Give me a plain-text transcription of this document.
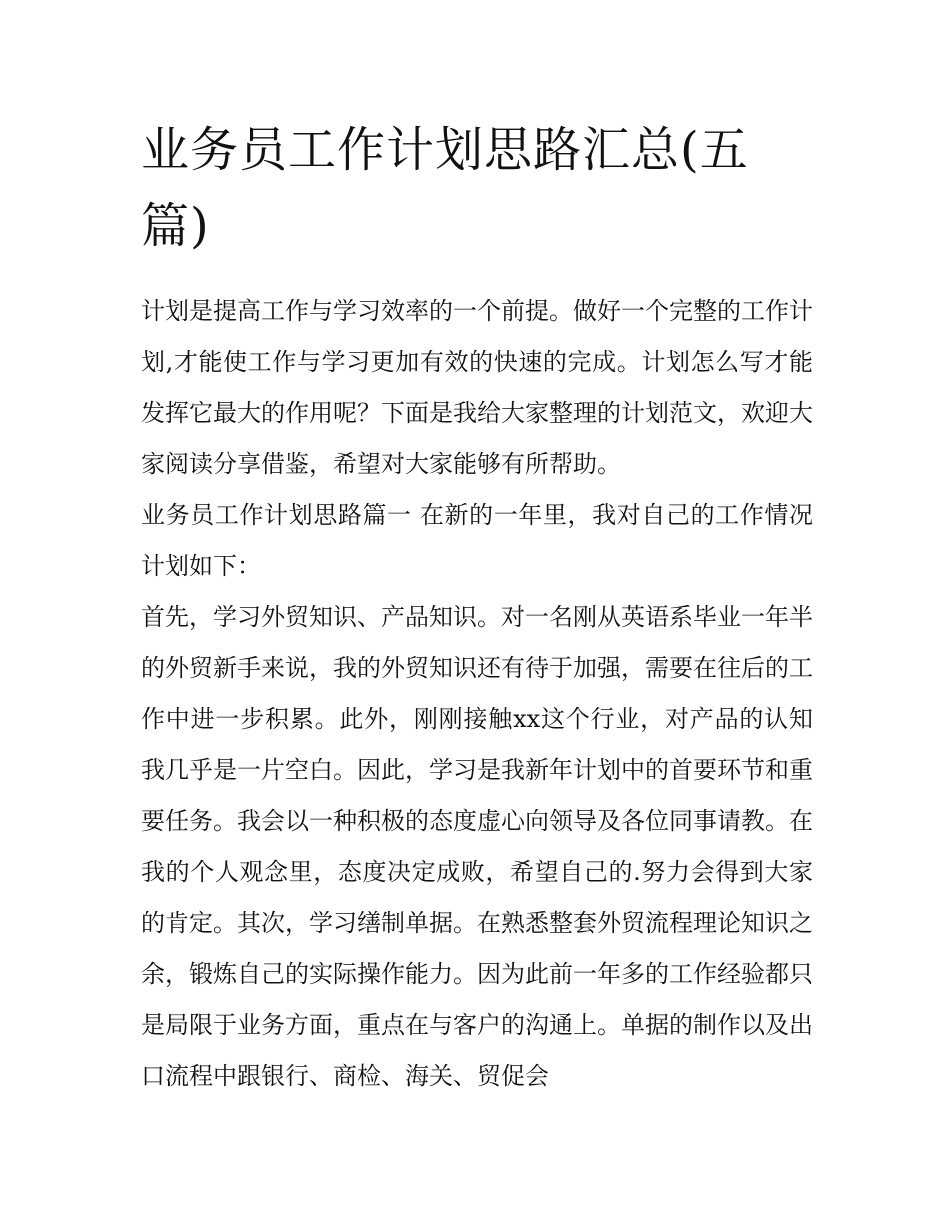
业务员工作计划思路汇总(五篇)

计划是提高工作与学习效率的一个前提。做好一个完整的工作计划,才能使工作与学习更加有效的快速的完成。计划怎么写才能发挥它最大的作用呢？下面是我给大家整理的计划范文，欢迎大家阅读分享借鉴，希望对大家能够有所帮助。

业务员工作计划思路篇一 在新的一年里，我对自己的工作情况计划如下：

首先，学习外贸知识、产品知识。对一名刚从英语系毕业一年半的外贸新手来说，我的外贸知识还有待于加强，需要在往后的工作中进一步积累。此外，刚刚接触xx这个行业，对产品的认知我几乎是一片空白。因此，学习是我新年计划中的首要环节和重要任务。我会以一种积极的态度虚心向领导及各位同事请教。在我的个人观念里，态度决定成败，希望自己的.努力会得到大家的肯定。其次，学习缮制单据。在熟悉整套外贸流程理论知识之余，锻炼自己的实际操作能力。因为此前一年多的工作经验都只是局限于业务方面，重点在与客户的沟通上。单据的制作以及出口流程中跟银行、商检、海关、贸促会
